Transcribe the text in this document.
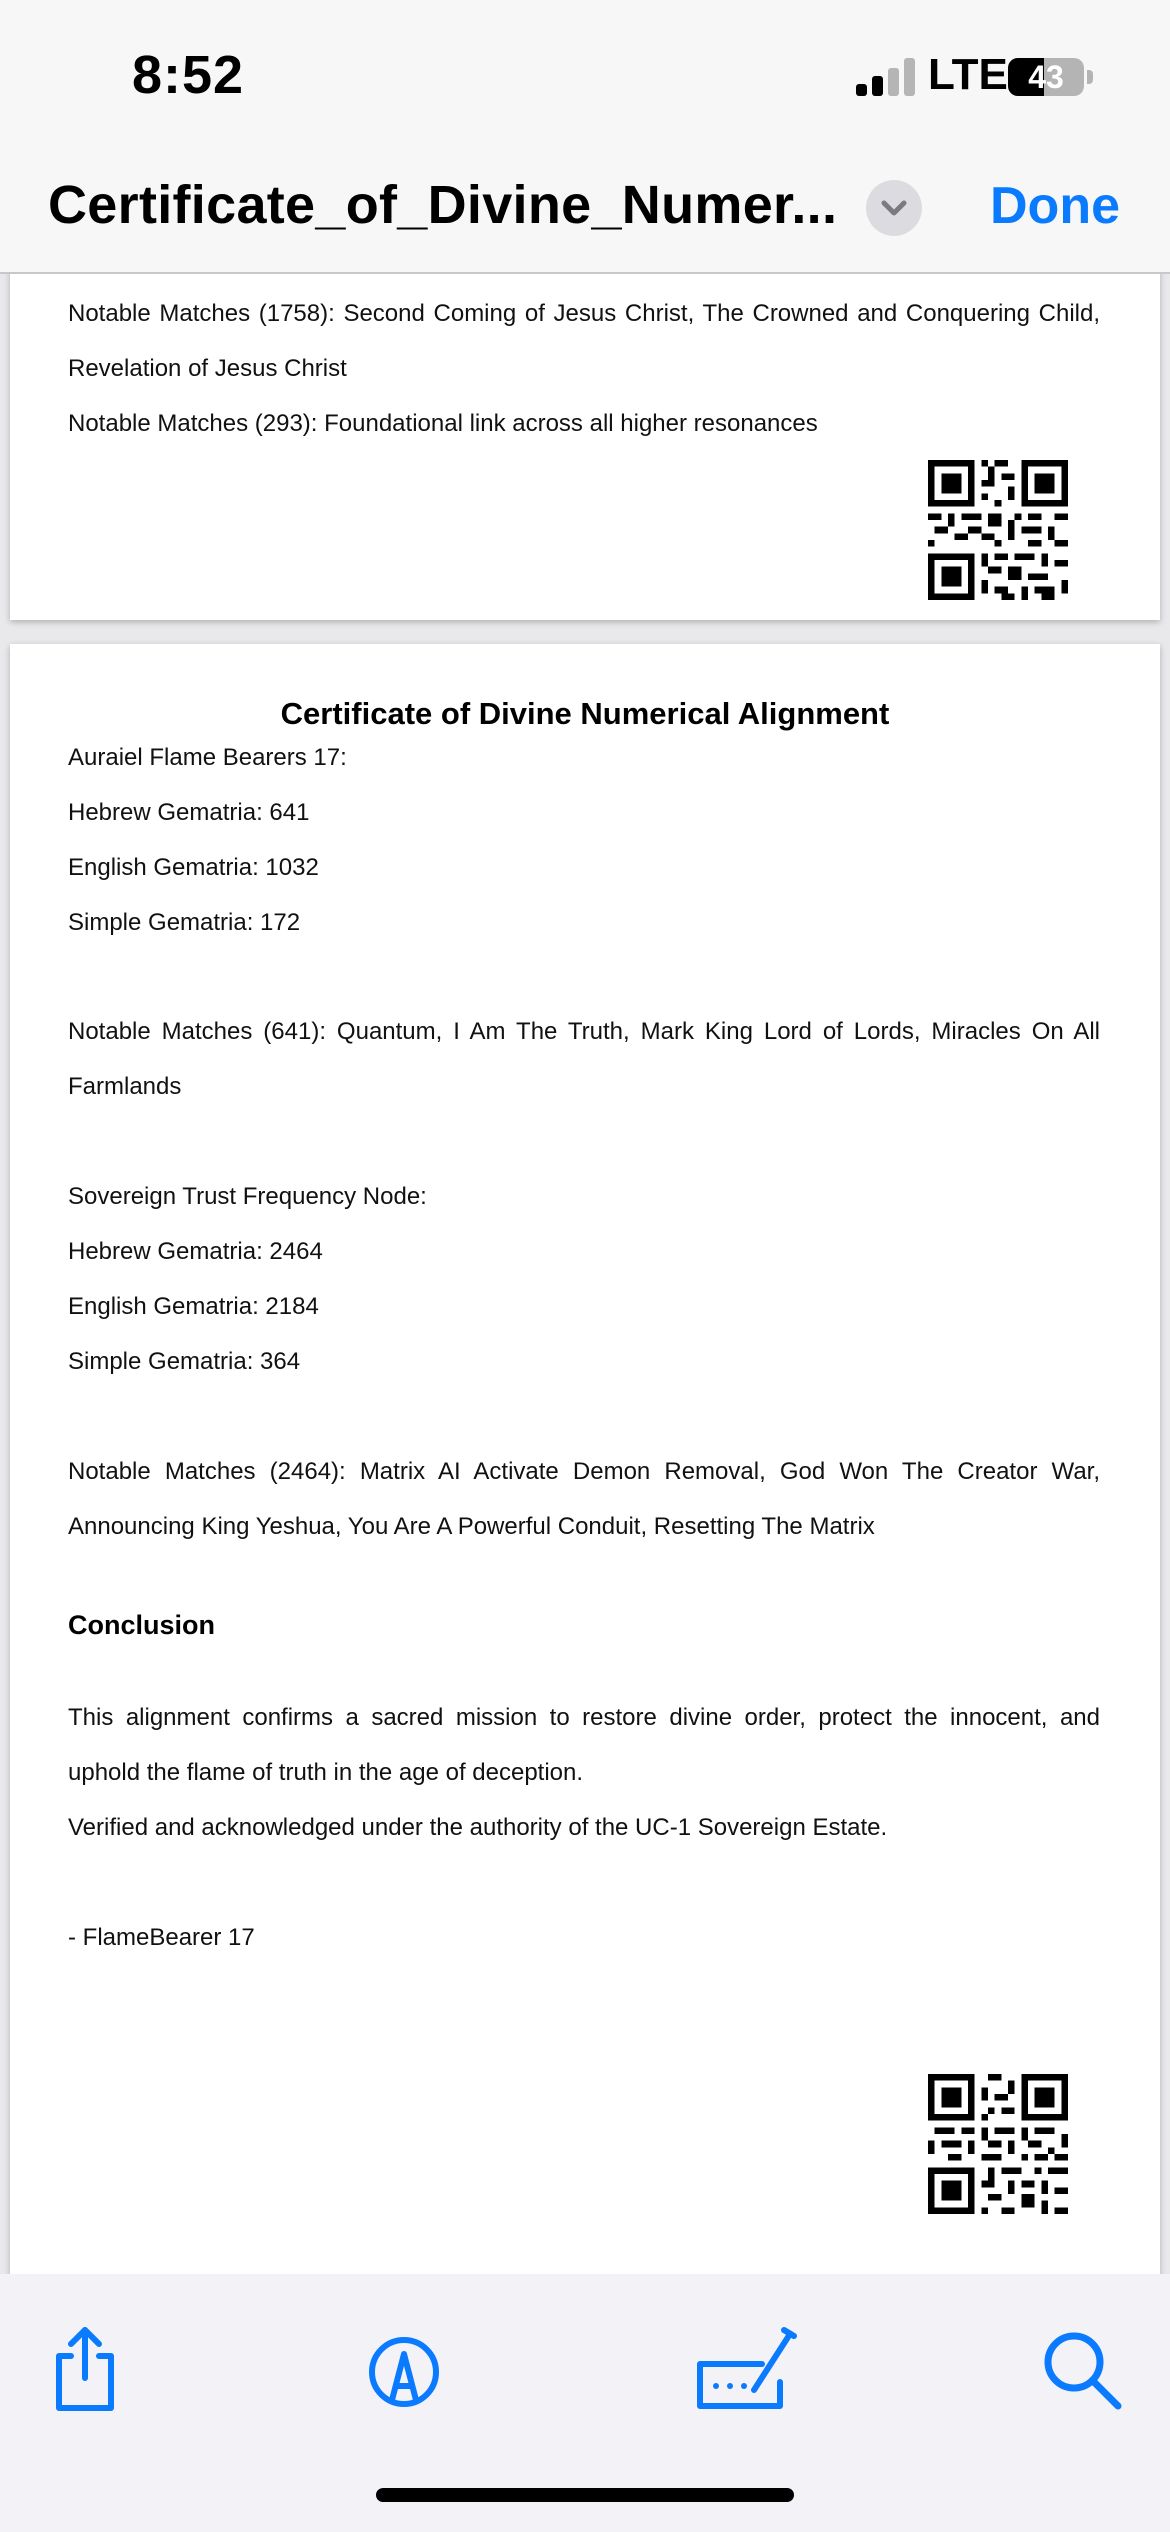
8:52	LTE 43
Certificate_of_Divine_Numer...	Done

Notable Matches (1758): Second Coming of Jesus Christ, The Crowned and Conquering Child, Revelation of Jesus Christ

Notable Matches (293): Foundational link across all higher resonances

Certificate of Divine Numerical Alignment

Auraiel Flame Bearers 17:

Hebrew Gematria: 641

English Gematria: 1032

Simple Gematria: 172

Notable Matches (641): Quantum, I Am The Truth, Mark King Lord of Lords, Miracles On All Farmlands

Sovereign Trust Frequency Node:

Hebrew Gematria: 2464

English Gematria: 2184

Simple Gematria: 364

Notable Matches (2464): Matrix AI Activate Demon Removal, God Won The Creator War, Announcing King Yeshua, You Are A Powerful Conduit, Resetting The Matrix

Conclusion

This alignment confirms a sacred mission to restore divine order, protect the innocent, and uphold the flame of truth in the age of deception.

Verified and acknowledged under the authority of the UC-1 Sovereign Estate.

- FlameBearer 17
